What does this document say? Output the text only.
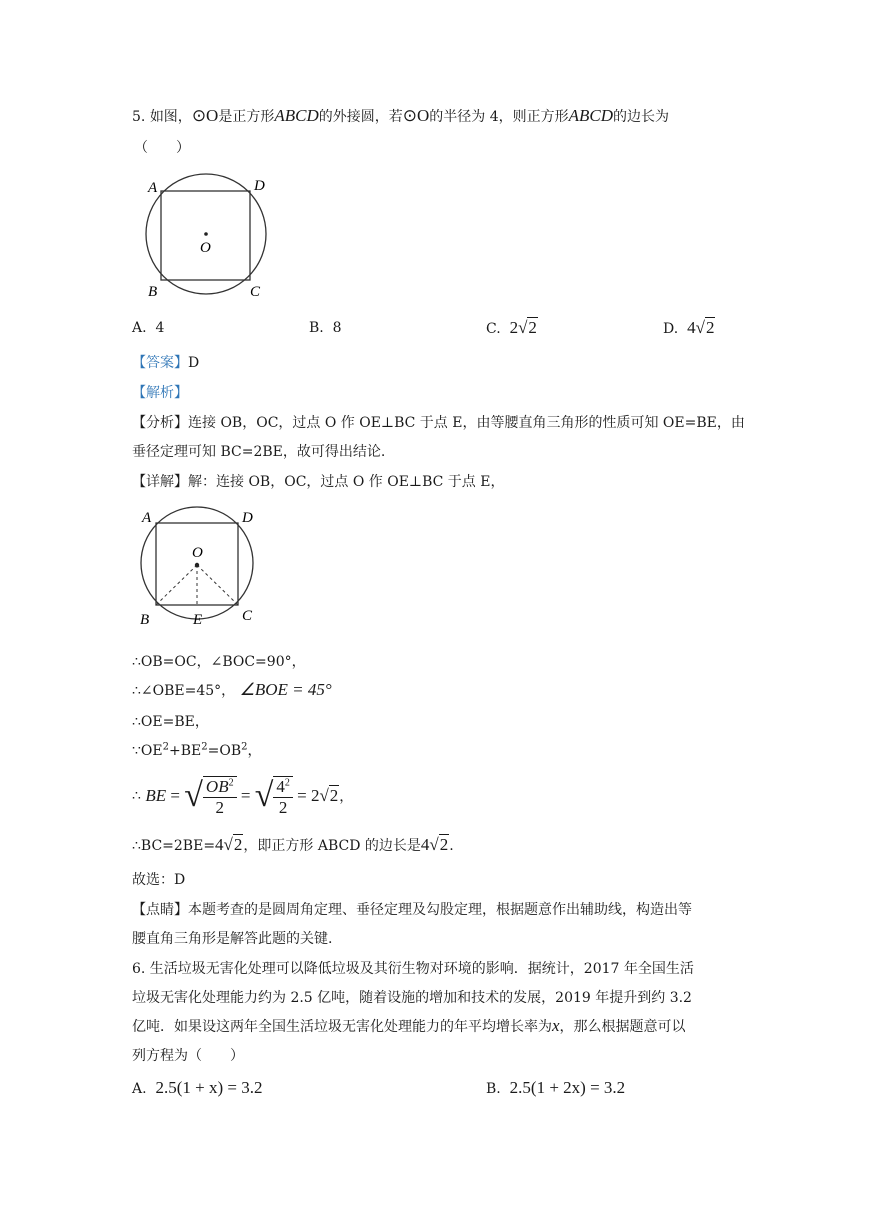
5. 如图，⊙O是正方形ABCD的外接圆，若⊙O的半径为 4，则正方形ABCD的边长为
（　　）
A	D
B	C
O
A. 4	B. 8	C. 2√2	D. 4√2
【答案】D
【解析】
【分析】连接 OB，OC，过点 O 作 OE⊥BC 于点 E，由等腰直角三角形的性质可知 OE=BE，由
垂径定理可知 BC=2BE，故可得出结论.
【详解】解：连接 OB，OC，过点 O 作 OE⊥BC 于点 E，
A	D
O
B	E	C
∴OB=OC，∠BOC=90°，
∴∠OBE=45°， ∠BOE = 45°
∴OE=BE，
$\because OE^2+BE^2=OB^2$，
∴
BE = √ $\frac{OB^2}{2}$ = √ $\frac{4^2}{2} = 2$ √2 ，
∴BC=2BE=4√2，即正方形 ABCD 的边长是4√2.
故选：D
【点睛】本题考查的是圆周角定理、垂径定理及勾股定理，根据题意作出辅助线，构造出等
腰直角三角形是解答此题的关键.
6. 生活垃圾无害化处理可以降低垃圾及其衍生物对环境的影响．据统计，2017 年全国生活
垃圾无害化处理能力约为 2.5 亿吨，随着设施的增加和技术的发展，2019 年提升到约 3.2
亿吨．如果设这两年全国生活垃圾无害化处理能力的年平均增长率为x，那么根据题意可以
列方程为（　　）
A. 2.5(1 + x) = 3.2	B. 2.5(1 + 2x) = 3.2
